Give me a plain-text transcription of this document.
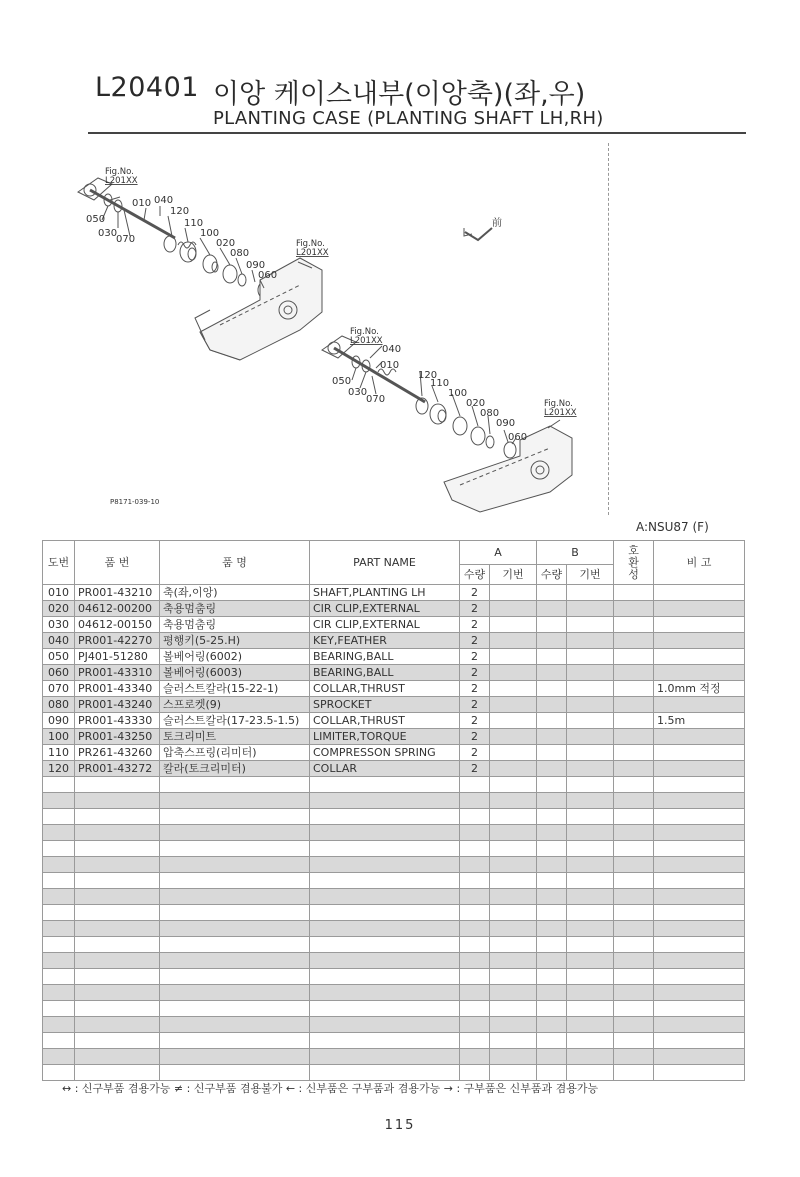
L20401 이앙 케이스내부(이앙축)(좌,우)
PLANTING CASE (PLANTING SHAFT LH,RH)
Fig.No.
L201XX
Fig.No.
L201XX
Fig.No.
L201XX
Fig.No.
L201XX
前
P8171-039-10
010 040
120
050
030
070
110
100
020
080
090
060
040
010
120
050
030
070
110
100
020
080
090
060
A:NSU87 (F)
도번	품 번	품 명	PART NAME	A		B		호
환
성	비 고
				수량	기번	수량	기번		
010	PR001-43210	축(좌,이앙)	SHAFT,PLANTING LH	2					
020	04612-00200	축용멈춤링	CIR CLIP,EXTERNAL	2					
030	04612-00150	축용멈춤링	CIR CLIP,EXTERNAL	2					
040	PR001-42270	평행키(5-25.H)	KEY,FEATHER	2					
050	PJ401-51280	볼베어링(6002)	BEARING,BALL	2					
060	PR001-43310	볼베어링(6003)	BEARING,BALL	2					
070	PR001-43340	슬러스트칼라(15-22-1)	COLLAR,THRUST	2					1.0mm 적정
080	PR001-43240	스프로켓(9)	SPROCKET	2					
090	PR001-43330	슬러스트칼라(17-23.5-1.5)	COLLAR,THRUST	2					1.5m
100	PR001-43250	토크리미트	LIMITER,TORQUE	2					
110	PR261-43260	압축스프링(리미터)	COMPRESSON SPRING	2					
120	PR001-43272	칼라(토크리미터)	COLLAR	2					

↔ : 신구부품 겸용가능 ≠ : 신구부품 겸용불가 ← : 신부품은 구부품과 겸용가능 → : 구부품은 신부품과 겸용가능
115
